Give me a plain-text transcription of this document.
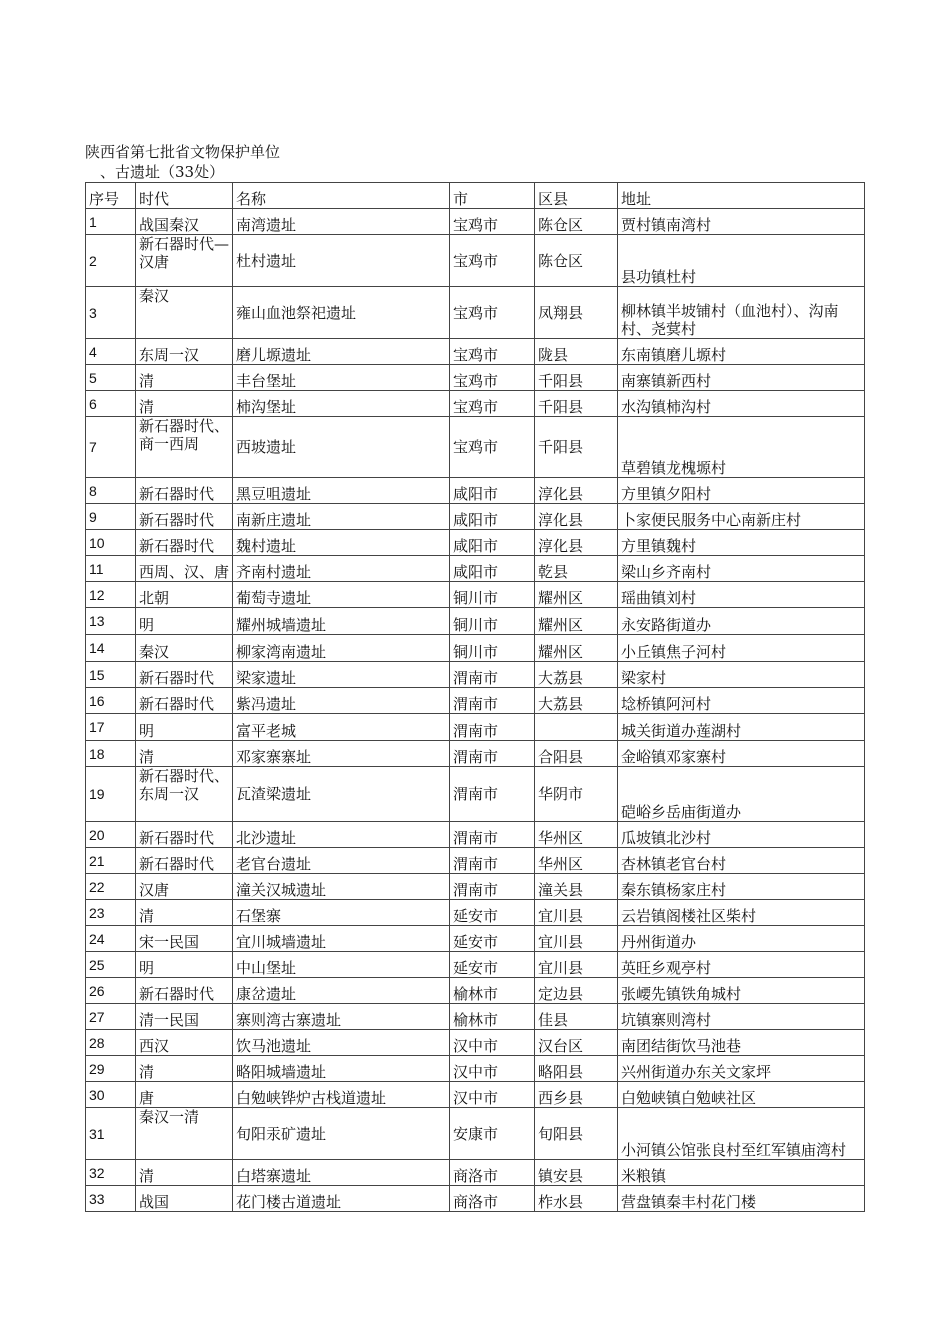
陕西省第七批省文物保护单位
、古遗址（33处）
序号	时代	名称	市	区县	地址
1	战国秦汉	南湾遗址	宝鸡市	陈仓区	贾村镇南湾村
2	新石器时代—汉唐	杜村遗址	宝鸡市	陈仓区	县功镇杜村
3	秦汉	雍山血池祭祀遗址	宝鸡市	凤翔县	柳林镇半坡铺村（血池村）、沟南村、尧蓂村
4	东周一汉	磨儿塬遗址	宝鸡市	陇县	东南镇磨儿塬村
5	清	丰台堡址	宝鸡市	千阳县	南寨镇新西村
6	清	柿沟堡址	宝鸡市	千阳县	水沟镇柿沟村
7	新石器时代、商一西周	西坡遗址	宝鸡市	千阳县	草碧镇龙槐塬村
8	新石器时代	黑豆咀遗址	咸阳市	淳化县	方里镇夕阳村
9	新石器时代	南新庄遗址	咸阳市	淳化县	卜家便民服务中心南新庄村
10	新石器时代	魏村遗址	咸阳市	淳化县	方里镇魏村
11	西周、汉、唐	齐南村遗址	咸阳市	乾县	梁山乡齐南村
12	北朝	葡萄寺遗址	铜川市	耀州区	瑶曲镇刘村
13	明	耀州城墙遗址	铜川市	耀州区	永安路街道办
14	秦汉	柳家湾南遗址	铜川市	耀州区	小丘镇焦子河村
15	新石器时代	梁家遗址	渭南市	大荔县	梁家村
16	新石器时代	紫冯遗址	渭南市	大荔县	埝桥镇阿河村
17	明	富平老城	渭南市		城关街道办莲湖村
18	清	邓家寨寨址	渭南市	合阳县	金峪镇邓家寨村
19	新石器时代、东周一汉	瓦渣梁遗址	渭南市	华阴市	硙峪乡岳庙街道办
20	新石器时代	北沙遗址	渭南市	华州区	瓜坡镇北沙村
21	新石器时代	老官台遗址	渭南市	华州区	杏林镇老官台村
22	汉唐	潼关汉城遗址	渭南市	潼关县	秦东镇杨家庄村
23	清	石堡寨	延安市	宜川县	云岩镇阁楼社区柴村
24	宋一民国	宜川城墙遗址	延安市	宜川县	丹州街道办
25	明	中山堡址	延安市	宜川县	英旺乡观亭村
26	新石器时代	康岔遗址	榆林市	定边县	张崾先镇铁角城村
27	清一民国	寨则湾古寨遗址	榆林市	佳县	坑镇寨则湾村
28	西汉	饮马池遗址	汉中市	汉台区	南团结街饮马池巷
29	清	略阳城墙遗址	汉中市	略阳县	兴州街道办东关文家坪
30	唐	白勉峡铧炉古栈道遗址	汉中市	西乡县	白勉峡镇白勉峡社区
31	秦汉一清	旬阳汞矿遗址	安康市	旬阳县	小河镇公馆张良村至红军镇庙湾村
32	清	白塔寨遗址	商洛市	镇安县	米粮镇
33	战国	花门楼古道遗址	商洛市	柞水县	营盘镇秦丰村花门楼
